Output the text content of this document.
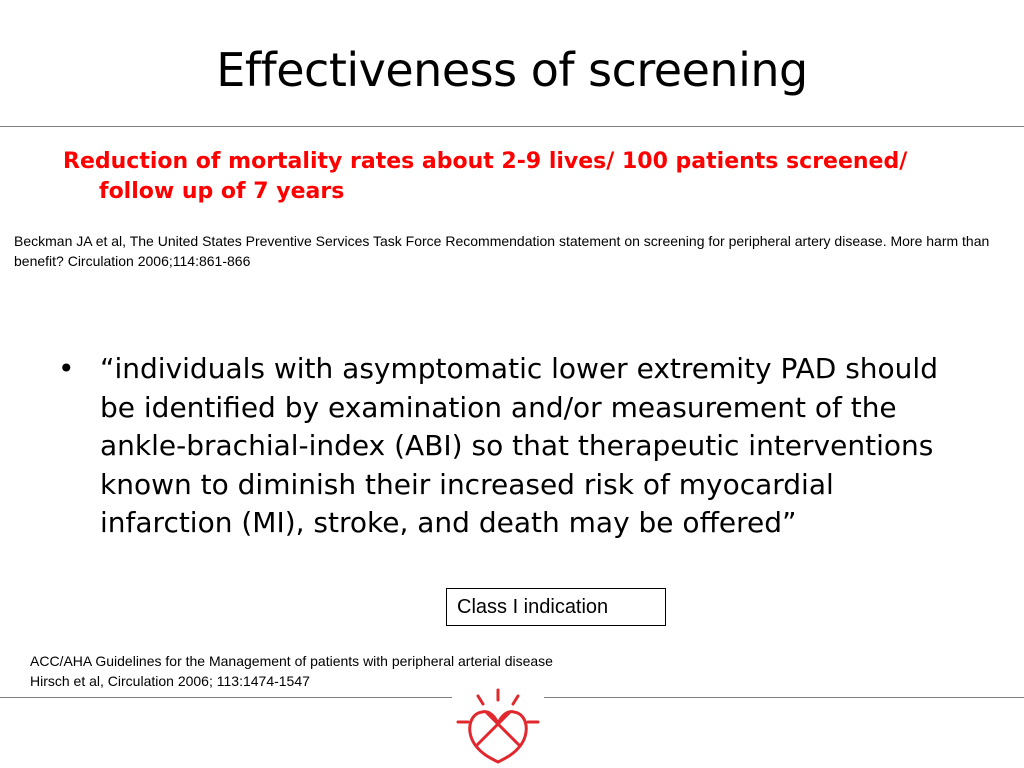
Effectiveness of screening
Reduction of mortality rates about 2-9 lives/ 100 patients screened/ follow up of 7 years
Beckman JA et al, The United States Preventive Services Task Force Recommendation statement on screening for peripheral artery disease. More harm than benefit? Circulation 2006;114:861-866
• “individuals with asymptomatic lower extremity PAD should be identified by examination and/or measurement of the ankle-brachial-index (ABI) so that therapeutic interventions known to diminish their increased risk of myocardial infarction (MI), stroke, and death may be offered”
Class I indication
ACC/AHA Guidelines for the Management of patients with peripheral arterial disease
Hirsch et al, Circulation 2006; 113:1474-1547
